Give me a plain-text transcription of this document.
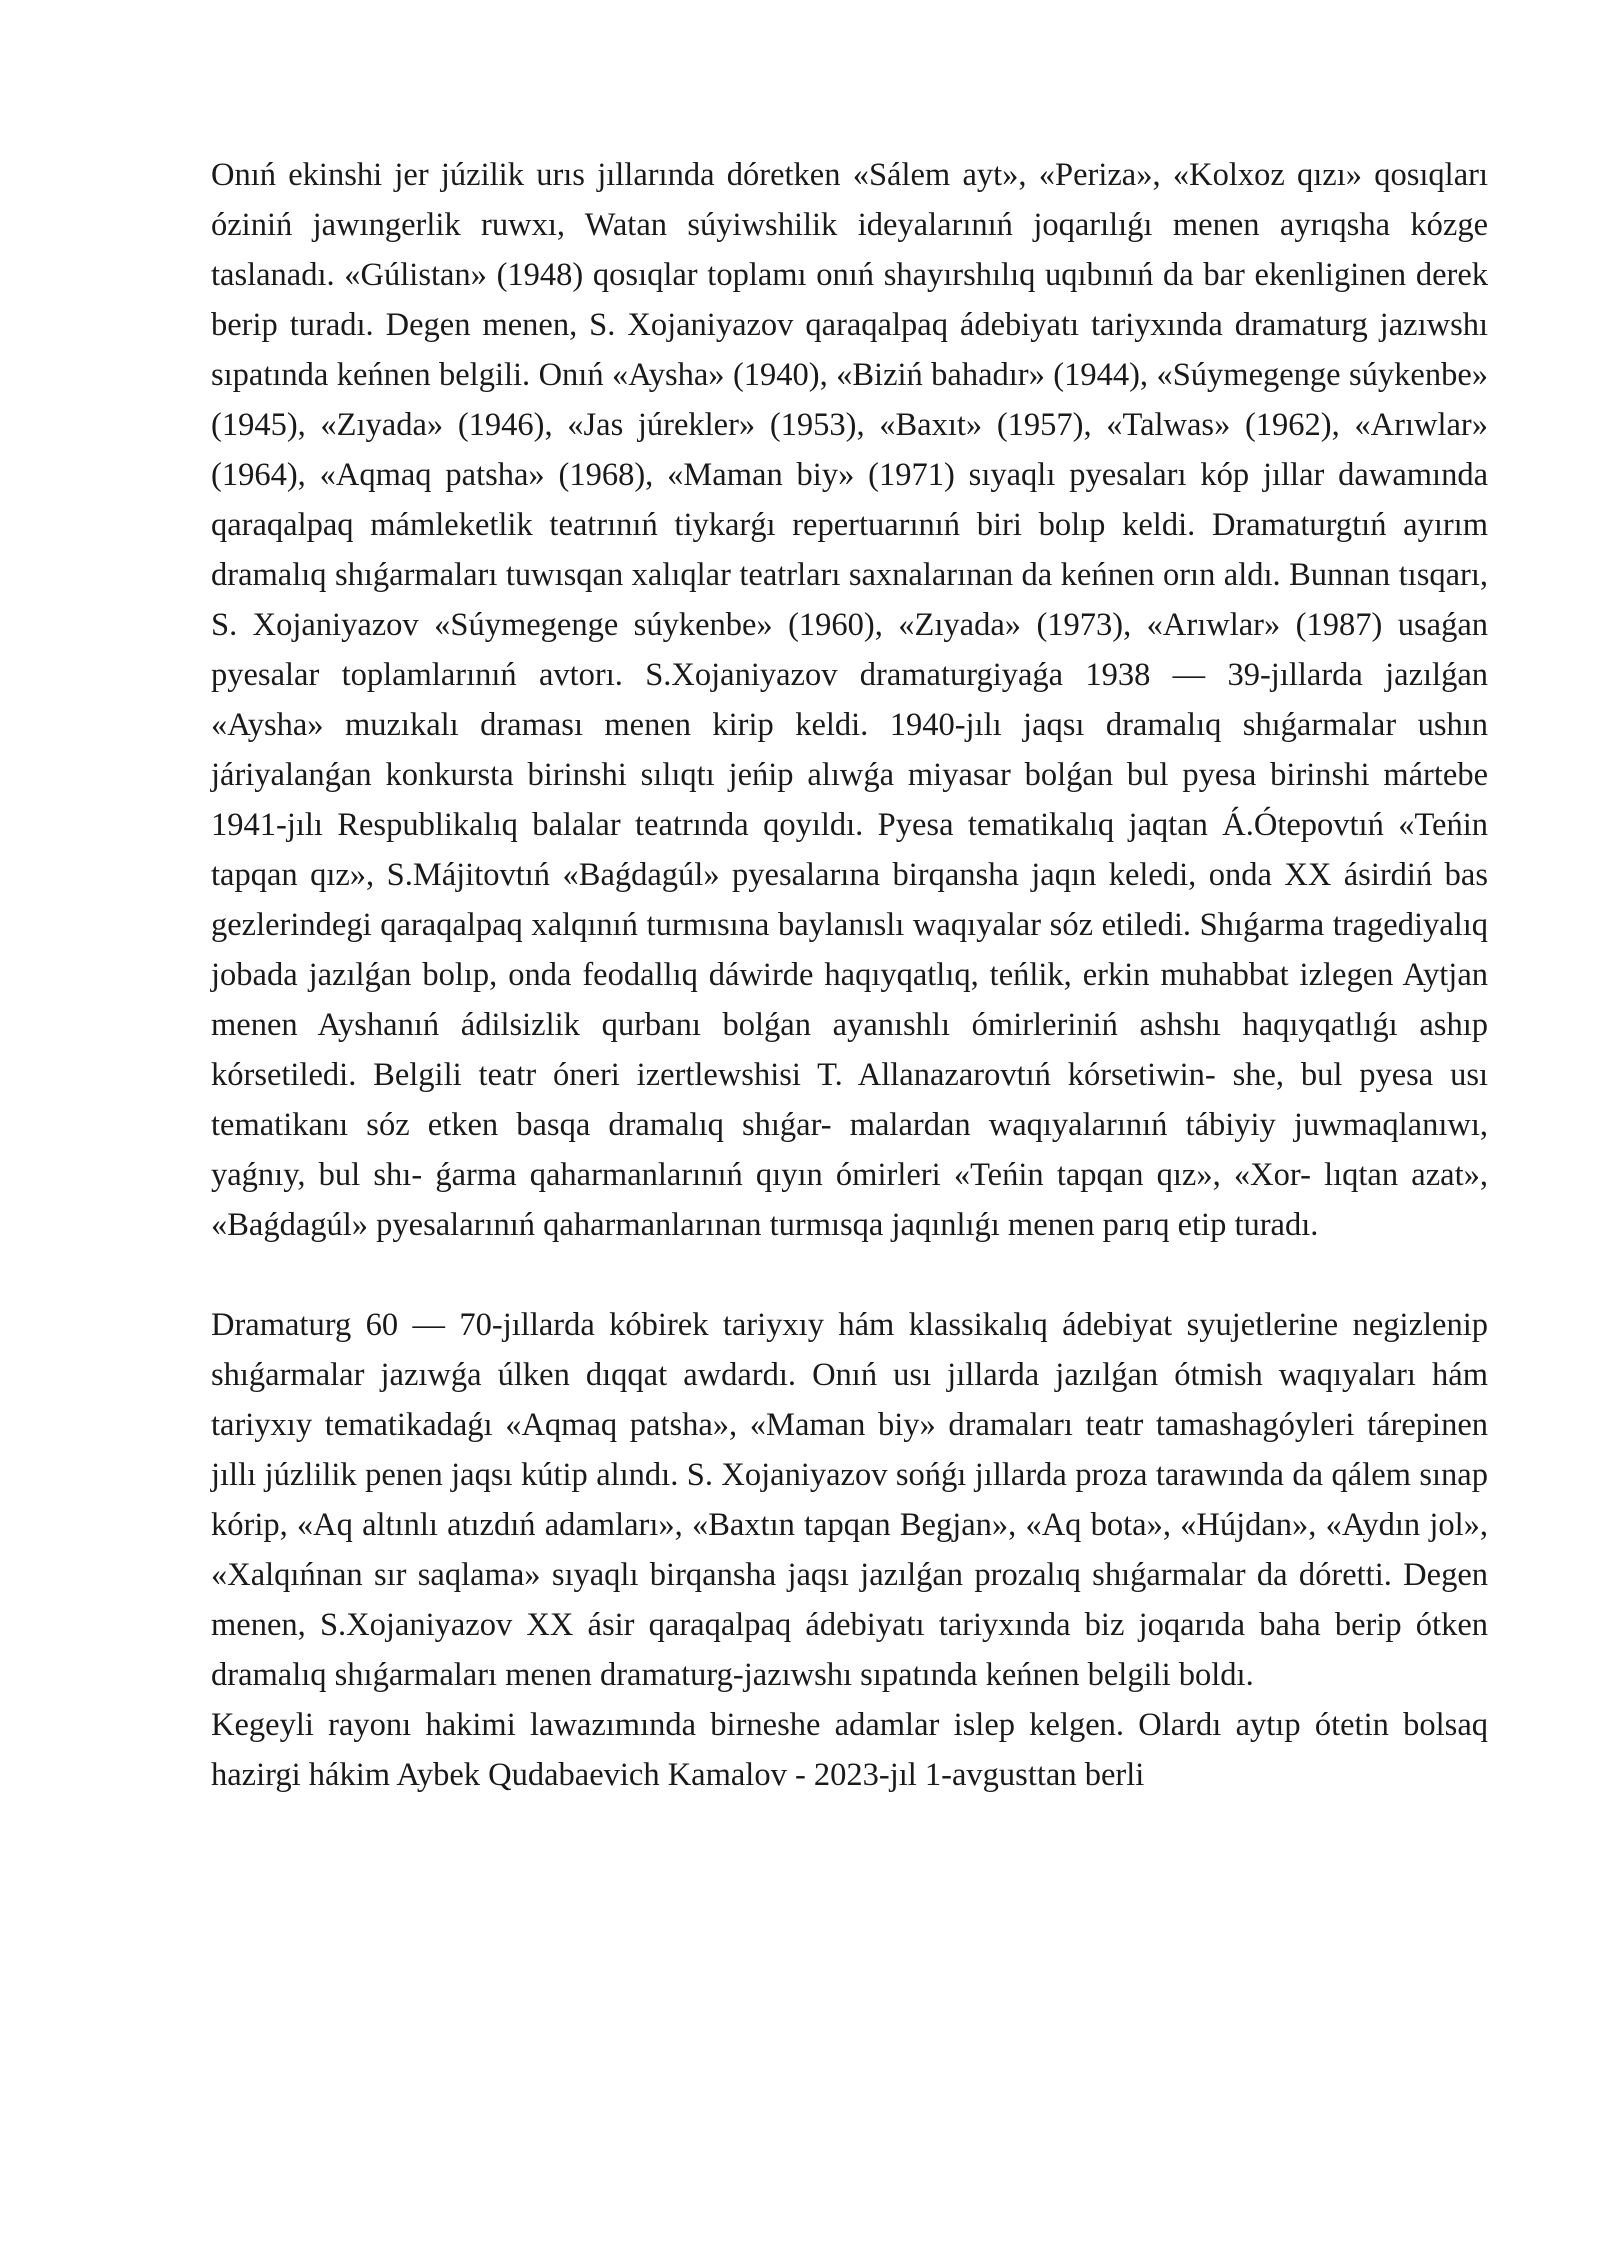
Onıń ekinshi jer júzilik urıs jıllarında dóretken «Sálem ayt», «Periza», «Kolxoz qızı» qosıqları óziniń jawıngerlik ruwxı, Watan súyiwshilik ideyalarınıń joqarılıǵı menen ayrıqsha kózge taslanadı. «Gúlistan» (1948) qosıqlar toplamı onıń shayırshılıq uqıbınıń da bar ekenliginen derek berip turadı. Degen menen, S. Xojaniyazov qaraqalpaq ádebiyatı tariyxında dramaturg jazıwshı sıpatında keńnen belgili. Onıń «Aysha» (1940), «Biziń bahadır» (1944), «Súymegenge súykenbe» (1945), «Zıyada» (1946), «Jas júrekler» (1953), «Baxıt» (1957), «Talwas» (1962), «Arıwlar» (1964), «Aqmaq patsha» (1968), «Maman biy» (1971) sıyaqlı pyesaları kóp jıllar dawamında qaraqalpaq mámleketlik teatrınıń tiykarǵı repertuarınıń biri bolıp keldi. Dramaturgtıń ayırım dramalıq shıǵarmaları tuwısqan xalıqlar teatrları saxnalarınan da keńnen orın aldı. Bunnan tısqarı, S. Xojaniyazov «Súymegenge súykenbe» (1960), «Zıyada» (1973), «Arıwlar» (1987) usaǵan pyesalar toplamlarınıń avtorı. S.Xojaniyazov dramaturgiyaǵa 1938 — 39-jıllarda jazılǵan «Aysha» muzıkalı draması menen kirip keldi. 1940-jılı jaqsı dramalıq shıǵarmalar ushın járiyalanǵan konkursta birinshi sılıqtı jeńip alıwǵa miyasar bolǵan bul pyesa birinshi mártebe 1941-jılı Respublikalıq balalar teatrında qoyıldı. Pyesa tematikalıq jaqtan Á.Ótepovtıń «Teńin tapqan qız», S.Májitovtıń «Baǵdagúl» pyesalarına birqansha jaqın keledi, onda XX ásirdiń bas gezlerindegi qaraqalpaq xalqınıń turmısına baylanıslı waqıyalar sóz etiledi. Shıǵarma tragediyalıq jobada jazılǵan bolıp, onda feodallıq dáwirde haqıyqatlıq, teńlik, erkin muhabbat izlegen Aytjan menen Ayshanıń ádilsizlik qurbanı bolǵan ayanıshlı ómirleriniń ashshı haqıyqatlıǵı ashıp kórsetiledi. Belgili teatr óneri izertlewshisi T. Allanazarovtıń kórsetiwin- she, bul pyesa usı tematikanı sóz etken basqa dramalıq shıǵar- malardan waqıyalarınıń tábiyiy juwmaqlanıwı, yaǵnıy, bul shı- ǵarma qaharmanlarınıń qıyın ómirleri «Teńin tapqan qız», «Xor- lıqtan azat», «Baǵdagúl» pyesalarınıń qaharmanlarınan turmısqa jaqınlıǵı menen parıq etip turadı.

Dramaturg 60 — 70-jıllarda kóbirek tariyxıy hám klassikalıq ádebiyat syujetlerine negizlenip shıǵarmalar jazıwǵa úlken dıqqat awdardı. Onıń usı jıllarda jazılǵan ótmish waqıyaları hám tariyxıy tematikadaǵı «Aqmaq patsha», «Maman biy» dramaları teatr tamashagóyleri tárepinen jıllı júzlilik penen jaqsı kútip alındı. S. Xojaniyazov sońǵı jıllarda proza tarawında da qálem sınap kórip, «Aq altınlı atızdıń adamları», «Baxtın tapqan Begjan», «Aq bota», «Hújdan», «Aydın jol», «Xalqıńnan sır saqlama» sıyaqlı birqansha jaqsı jazılǵan prozalıq shıǵarmalar da dóretti. Degen menen, S.Xojaniyazov XX ásir qaraqalpaq ádebiyatı tariyxında biz joqarıda baha berip ótken dramalıq shıǵarmaları menen dramaturg-jazıwshı sıpatında keńnen belgili boldı.

Kegeyli rayonı hakimi lawazımında birneshe adamlar islep kelgen. Olardı aytıp ótetin bolsaq hazirgi hákim Aybek Qudabaevich Kamalov - 2023-jıl 1-avgusttan berli
